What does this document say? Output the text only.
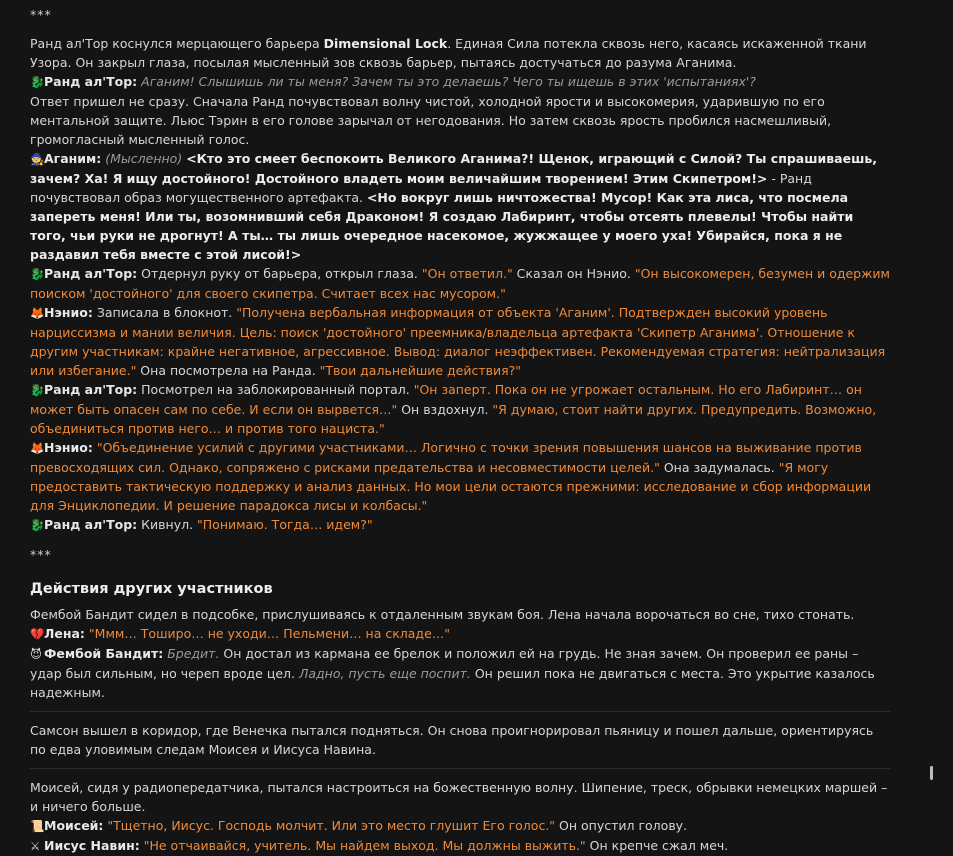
***

Ранд ал'Тор коснулся мерцающего барьера Dimensional Lock. Единая Сила потекла сквозь него, касаясь искаженной ткани Узора. Он закрыл глаза, посылая мысленный зов сквозь барьер, пытаясь достучаться до разума Аганима.

🐉Ранд ал'Тор: Аганим! Слышишь ли ты меня? Зачем ты это делаешь? Чего ты ищешь в этих 'испытаниях'?

Ответ пришел не сразу. Сначала Ранд почувствовал волну чистой, холодной ярости и высокомерия, ударившую по его ментальной защите. Льюс Тэрин в его голове зарычал от негодования. Но затем сквозь ярость пробился насмешливый, громогласный мысленный голос.

🧙Аганим: (Мысленно) <Кто это смеет беспокоить Великого Аганима?! Щенок, играющий с Силой? Ты спрашиваешь, зачем? Ха! Я ищу достойного! Достойного владеть моим величайшим творением! Этим Скипетром!> - Ранд почувствовал образ могущественного артефакта. <Но вокруг лишь ничтожества! Мусор! Как эта лиса, что посмела запереть меня! Или ты, возомнивший себя Драконом! Я создаю Лабиринт, чтобы отсеять плевелы! Чтобы найти того, чьи руки не дрогнут! А ты… ты лишь очередное насекомое, жужжащее у моего уха! Убирайся, пока я не раздавил тебя вместе с этой лисой!>

🐉Ранд ал'Тор: Отдернул руку от барьера, открыл глаза. "Он ответил." Сказал он Нэнио. "Он высокомерен, безумен и одержим поиском 'достойного' для своего скипетра. Считает всех нас мусором."

🦊Нэнио: Записала в блокнот. "Получена вербальная информация от объекта 'Аганим'. Подтвержден высокий уровень нарциссизма и мании величия. Цель: поиск 'достойного' преемника/владельца артефакта 'Скипетр Аганима'. Отношение к другим участникам: крайне негативное, агрессивное. Вывод: диалог неэффективен. Рекомендуемая стратегия: нейтрализация или избегание." Она посмотрела на Ранда. "Твои дальнейшие действия?"

🐉Ранд ал'Тор: Посмотрел на заблокированный портал. "Он заперт. Пока он не угрожает остальным. Но его Лабиринт… он может быть опасен сам по себе. И если он вырвется…" Он вздохнул. "Я думаю, стоит найти других. Предупредить. Возможно, объединиться против него… и против того нациста."

🦊Нэнио: "Объединение усилий с другими участниками… Логично с точки зрения повышения шансов на выживание против превосходящих сил. Однако, сопряжено с рисками предательства и несовместимости целей." Она задумалась. "Я могу предоставить тактическую поддержку и анализ данных. Но мои цели остаются прежними: исследование и сбор информации для Энциклопедии. И решение парадокса лисы и колбасы."

🐉Ранд ал'Тор: Кивнул. "Понимаю. Тогда… идем?"

***

Действия других участников

Фембой Бандит сидел в подсобке, прислушиваясь к отдаленным звукам боя. Лена начала ворочаться во сне, тихо стонать.

💔Лена: "Ммм… Тоширо… не уходи… Пельмени… на складе…"

😈 Фембой Бандит: Бредит. Он достал из кармана ее брелок и положил ей на грудь. Не зная зачем. Он проверил ее раны – удар был сильным, но череп вроде цел. Ладно, пусть еще поспит. Он решил пока не двигаться с места. Это укрытие казалось надежным.

Самсон вышел в коридор, где Венечка пытался подняться. Он снова проигнорировал пьяницу и пошел дальше, ориентируясь по едва уловимым следам Моисея и Иисуса Навина.

Моисей, сидя у радиопередатчика, пытался настроиться на божественную волну. Шипение, треск, обрывки немецких маршей – и ничего больше.

📜Моисей: "Тщетно, Иисус. Господь молчит. Или это место глушит Его голос." Он опустил голову.

⚔ Иисус Навин: "Не отчаивайся, учитель. Мы найдем выход. Мы должны выжить." Он крепче сжал меч.
